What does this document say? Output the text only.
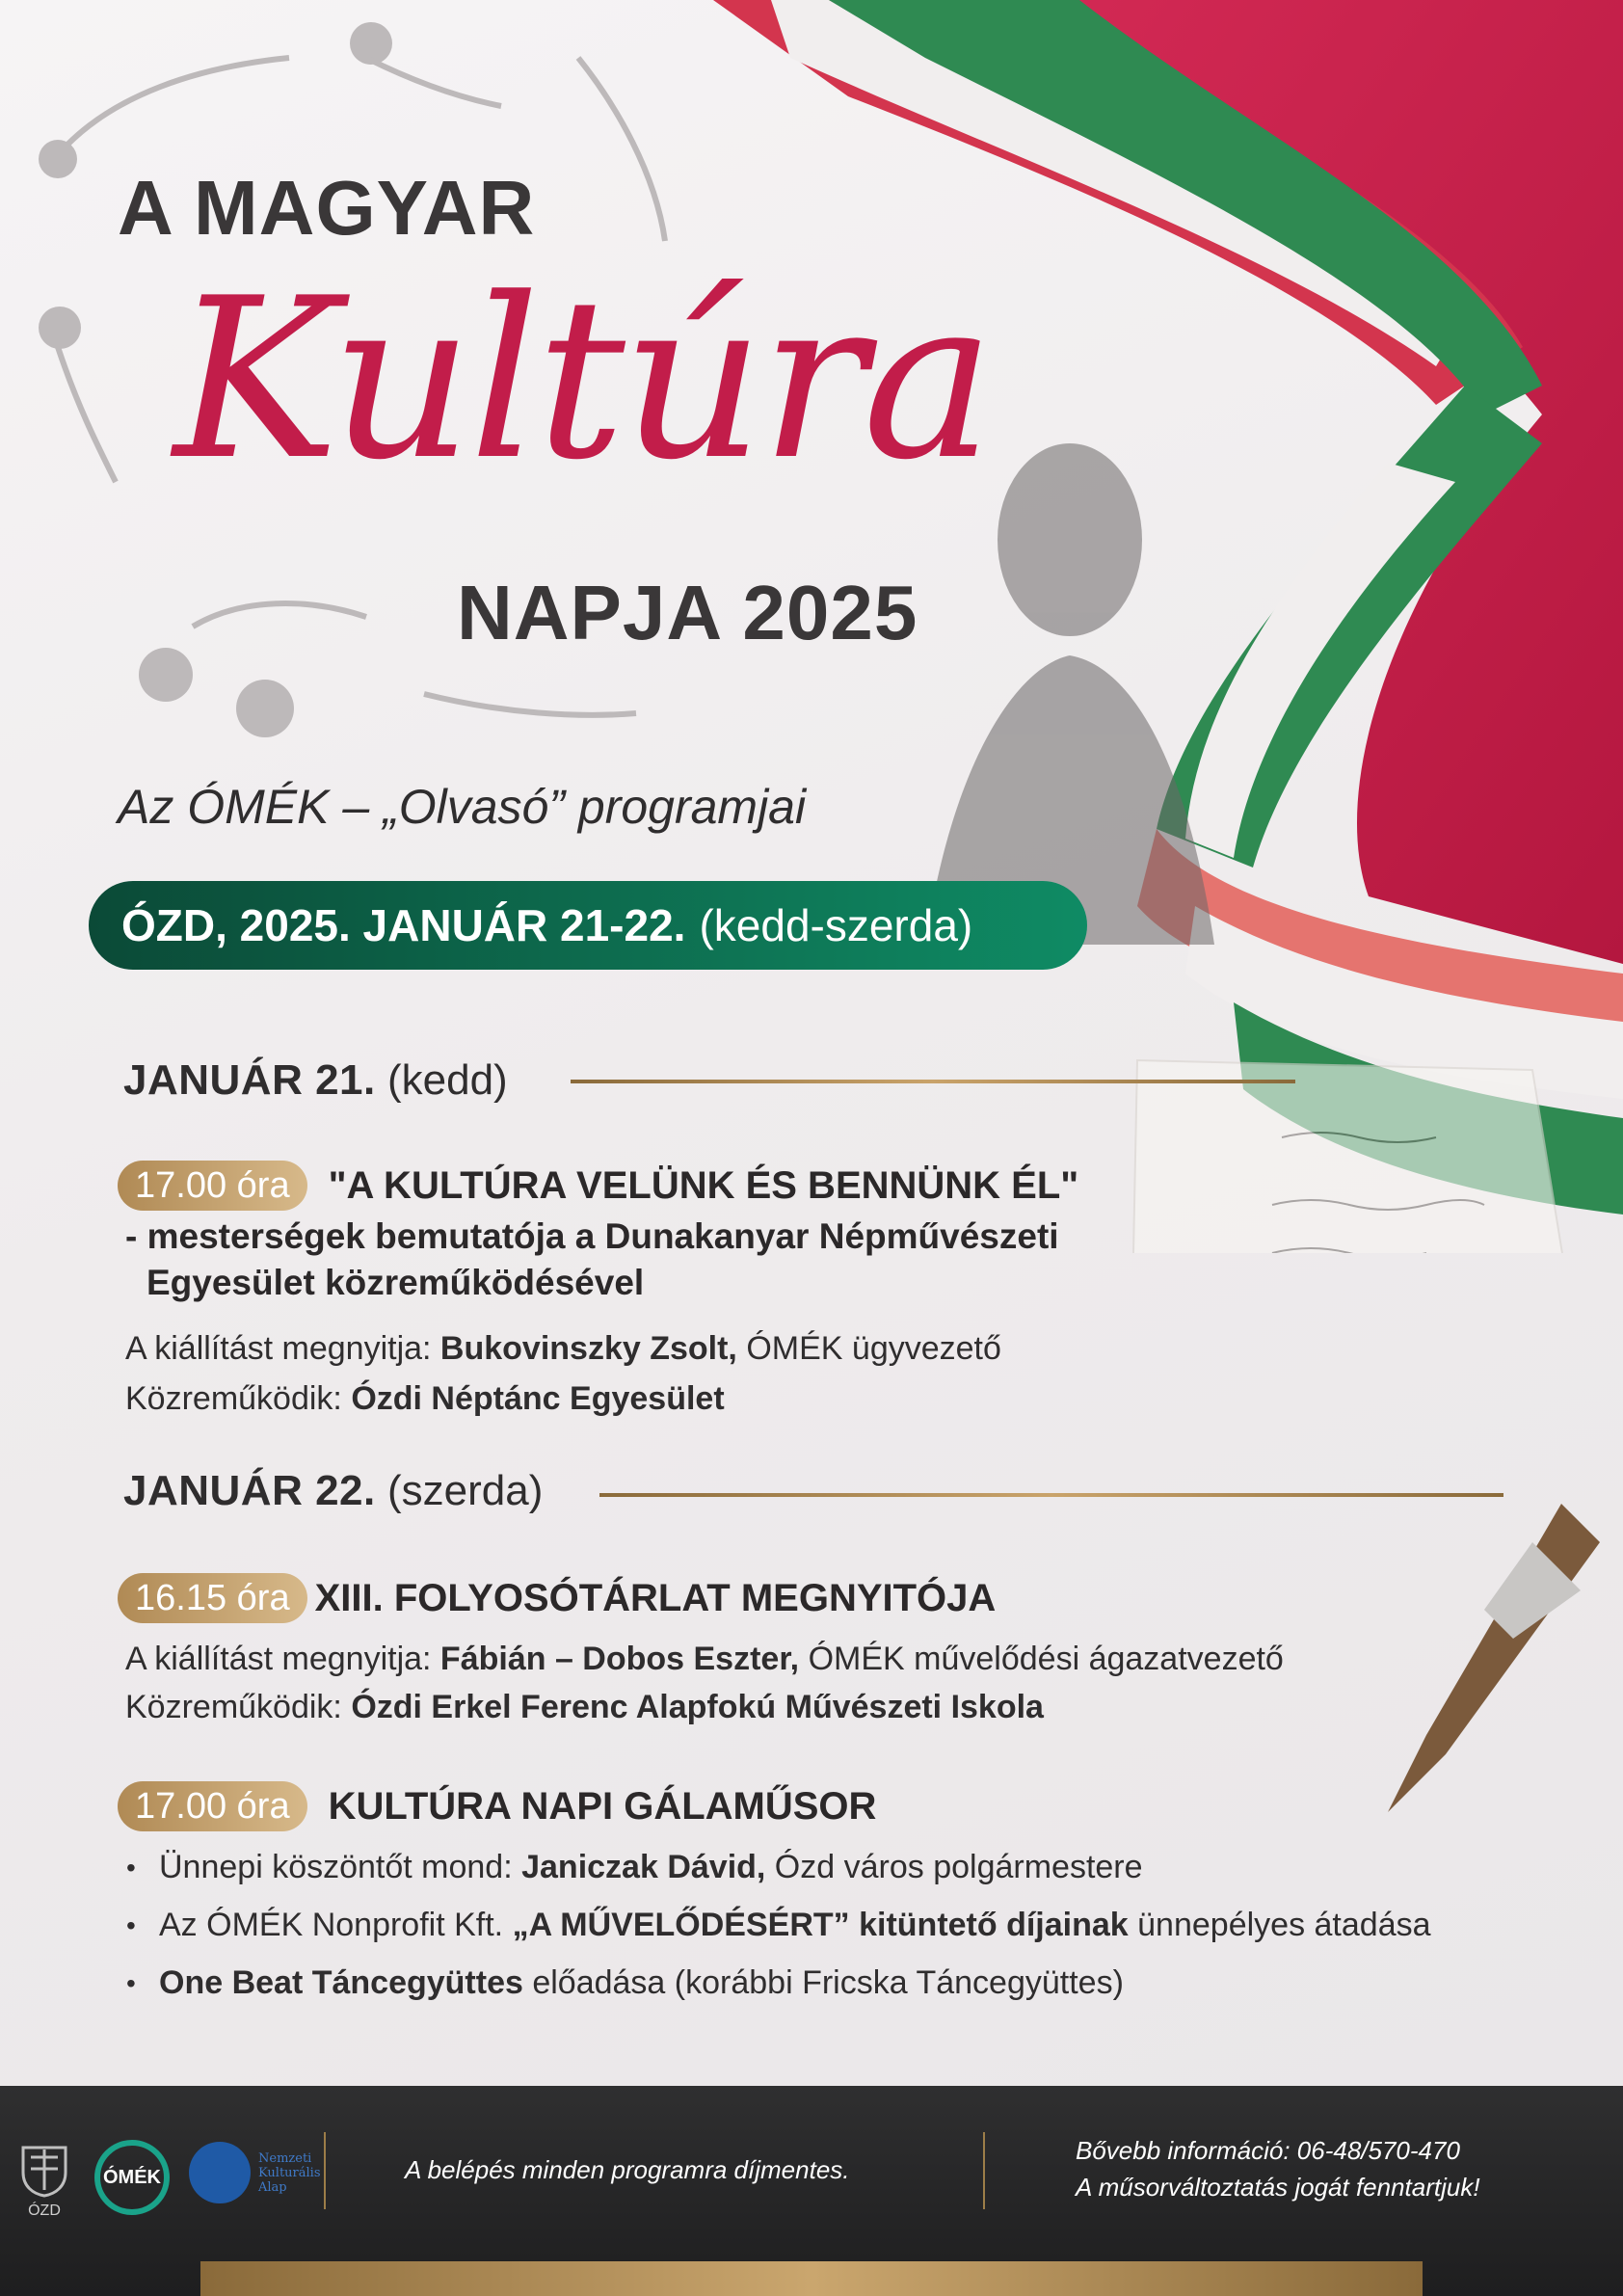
A MAGYAR
Kultúra
NAPJA 2025
Az ÓMÉK – „Olvasó” programjai
ÓZD, 2025. JANUÁR 21-22. (kedd-szerda)
JANUÁR 21. (kedd)
17.00 óra	"A KULTÚRA VELÜNK ÉS BENNÜNK ÉL"
- mesterségek bemutatója a Dunakanyar Népművészeti
Egyesület közreműködésével
A kiállítást megnyitja: Bukovinszky Zsolt, ÓMÉK ügyvezető
Közreműködik: Ózdi Néptánc Egyesület
JANUÁR 22. (szerda)
16.15 óra XIII. FOLYOSÓTÁRLAT MEGNYITÓJA
A kiállítást megnyitja: Fábián – Dobos Eszter, ÓMÉK művelődési ágazatvezető
Közreműködik: Ózdi Erkel Ferenc Alapfokú Művészeti Iskola
17.00 óra	KULTÚRA NAPI GÁLAMŰSOR
• Ünnepi köszöntőt mond: Janiczak Dávid, Ózd város polgármestere
• Az ÓMÉK Nonprofit Kft. „A MŰVELŐDÉSÉRT” kitüntető díjainak ünnepélyes átadása
• One Beat Táncegyüttes előadása (korábbi Fricska Táncegyüttes)
ÓZD
ÓMÉK
Nemzeti
Kulturális
Alap
A belépés minden programra díjmentes.
Bővebb információ: 06-48/570-470
A műsorváltoztatás jogát fenntartjuk!
